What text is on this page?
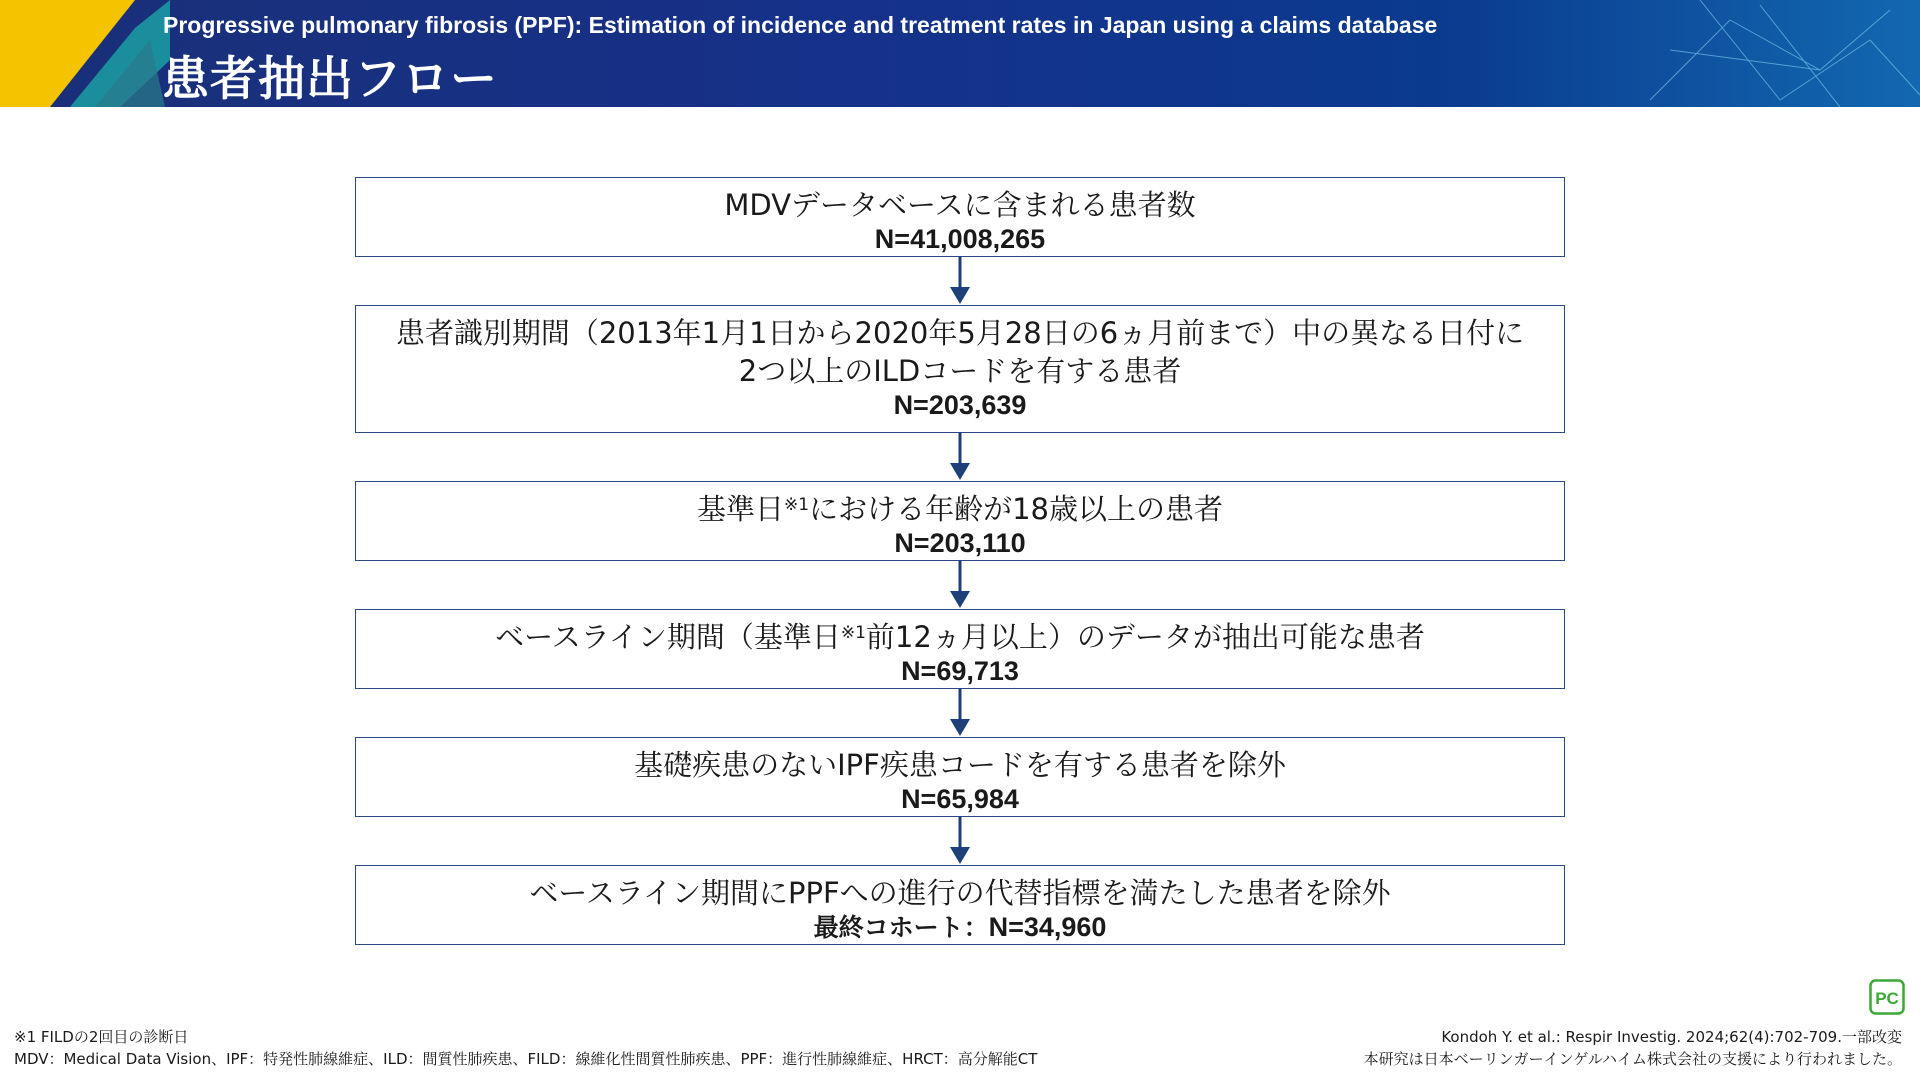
Progressive pulmonary fibrosis (PPF): Estimation of incidence and treatment rates in Japan using a claims database
患者抽出フロー
MDVデータベースに含まれる患者数
N=41,008,265
患者識別期間（2013年1月1日から2020年5月28日の6ヵ月前まで）中の異なる日付に
2つ以上のILDコードを有する患者
N=203,639
基準日$^{※1}$における年齢が18歳以上の患者
N=203,110
ベースライン期間（基準日$^{※1}$前12ヵ月以上）のデータが抽出可能な患者
N=69,713
基礎疾患のないIPF疾患コードを有する患者を除外
N=65,984
ベースライン期間にPPFへの進行の代替指標を満たした患者を除外
最終コホート：N=34,960
PC
※1 FILDの2回目の診断日
MDV：Medical Data Vision、IPF：特発性肺線維症、ILD：間質性肺疾患、FILD：線維化性間質性肺疾患、PPF：進行性肺線維症、HRCT：高分解能CT
Kondoh Y. et al.: Respir Investig. 2024;62(4):702-709.一部改変
本研究は日本ベーリンガーインゲルハイム株式会社の支援により行われました。
